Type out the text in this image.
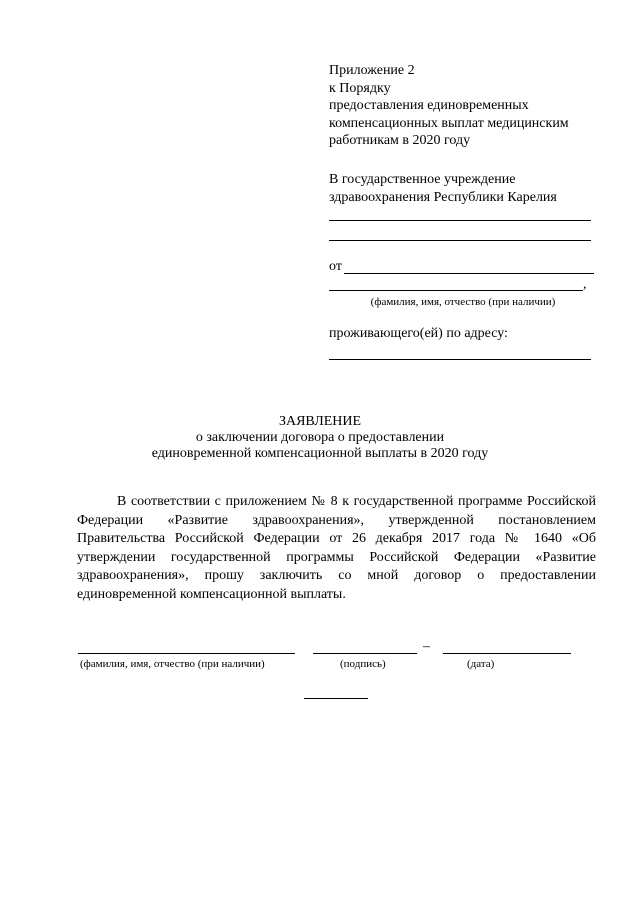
Приложение 2
к Порядку
предоставления единовременных
компенсационных выплат медицинским
работникам в 2020 году
В государственное учреждение
здравоохранения Республики Карелия
от
,
(фамилия, имя, отчество (при наличии)
проживающего(ей) по адресу:
ЗАЯВЛЕНИЕ
о заключении договора о предоставлении
единовременной компенсационной выплаты в 2020 году
В соответствии с приложением № 8 к государственной программе Российской Федерации «Развитие здравоохранения», утвержденной постановлением Правительства Российской Федерации от 26 декабря 2017 года № 1640 «Об утверждении государственной программы Российской Федерации «Развитие здравоохранения», прошу заключить со мной договор о предоставлении единовременной компенсационной выплаты.
–
(фамилия, имя, отчество (при наличии)	(подпись)	(дата)
